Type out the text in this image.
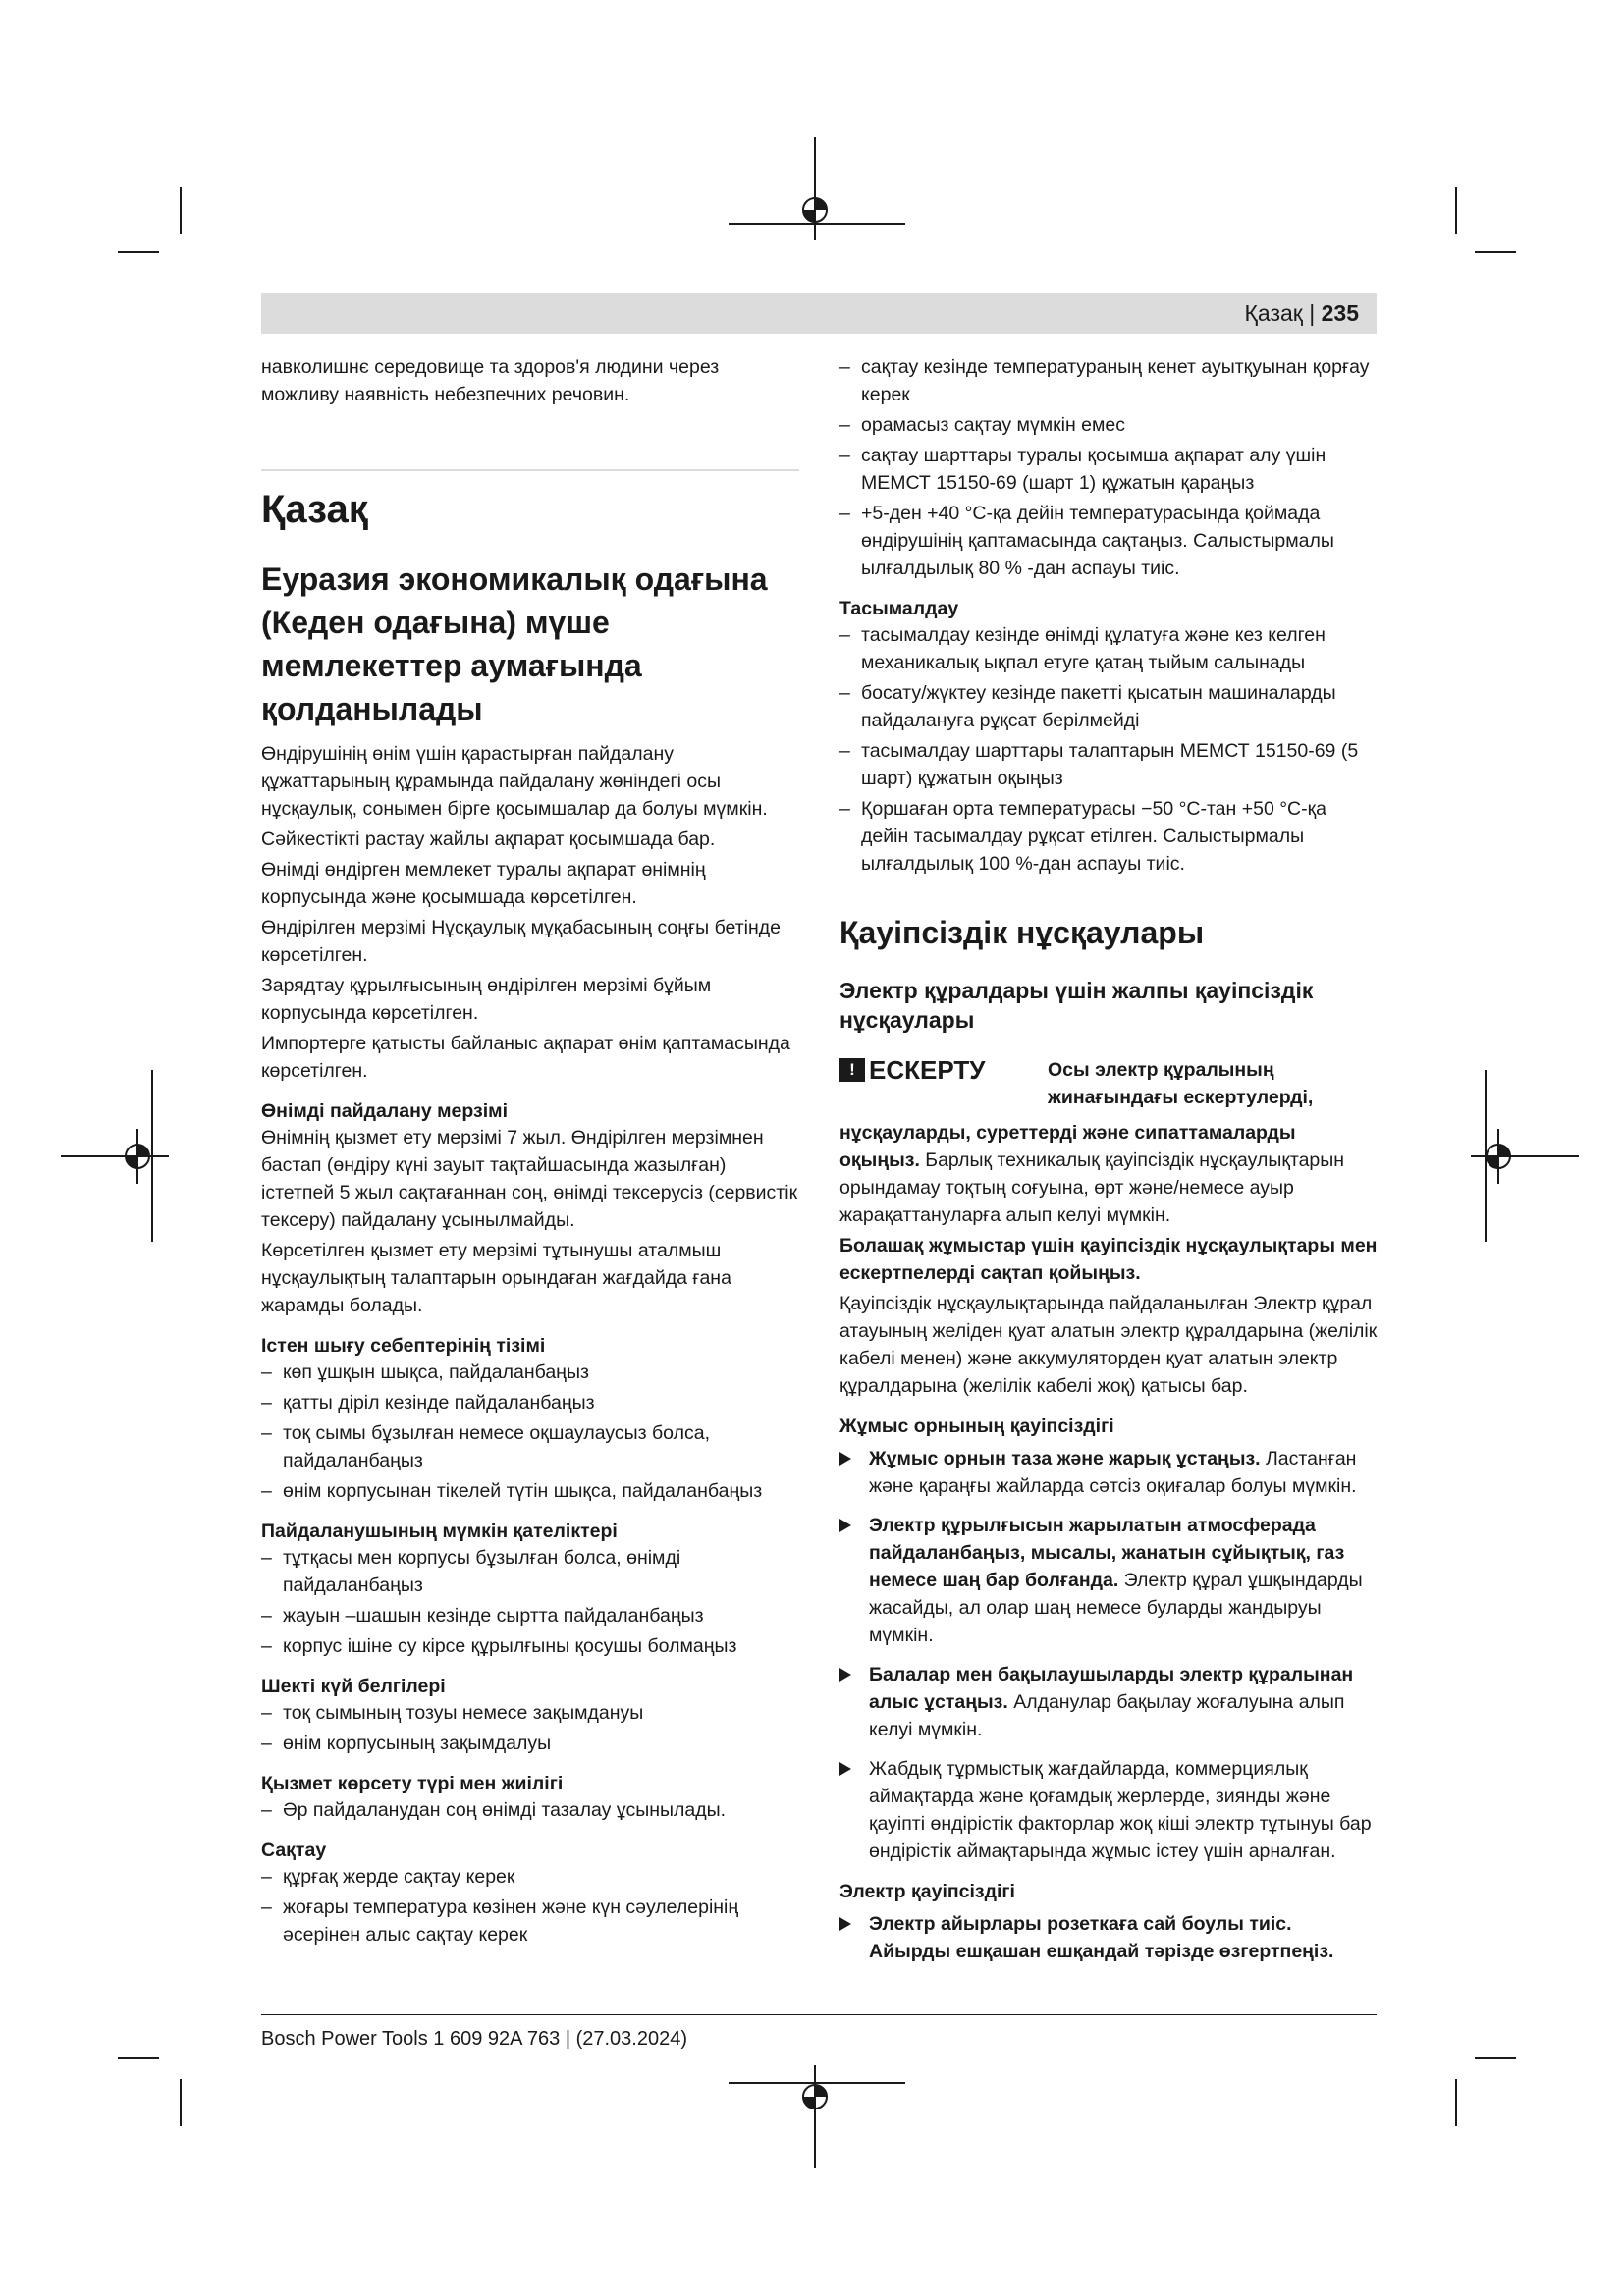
Қазақ | 235
навколишнє середовище та здоров'я людини через
можливу наявність небезпечних речовин.
Қазақ
Еуразия экономикалық одағына (Кеден одағына) мүше мемлекеттер аумағында қолданылады

Өндірушінің өнім үшін қарастырған пайдалану құжаттарының құрамында пайдалану жөніндегі осы нұсқаулық, сонымен бірге қосымшалар да болуы мүмкін.

Сәйкестікті растау жайлы ақпарат қосымшада бар.

Өнімді өндірген мемлекет туралы ақпарат өнімнің корпусында және қосымшада көрсетілген.

Өндірілген мерзімі Нұсқаулық мұқабасының соңғы бетінде көрсетілген.

Зарядтау құрылғысының өндірілген мерзімі бұйым корпусында көрсетілген.

Импортерге қатысты байланыс ақпарат өнім қаптамасында көрсетілген.

Өнімді пайдалану мерзімі

Өнімнің қызмет ету мерзімі 7 жыл. Өндірілген мерзімнен бастап (өндіру күні зауыт тақтайшасында жазылған) істетпей 5 жыл сақтағаннан соң, өнімді тексерусіз (сервистік тексеру) пайдалану ұсынылмайды.

Көрсетілген қызмет ету мерзімі тұтынушы аталмыш нұсқаулықтың талаптарын орындаған жағдайда ғана жарамды болады.

Істен шығу себептерінің тізімі
– көп ұшқын шықса, пайдаланбаңыз
– қатты діріл кезінде пайдаланбаңыз
– тоқ сымы бұзылған немесе оқшаулаусыз болса, пайдаланбаңыз
– өнім корпусынан тікелей түтін шықса, пайдаланбаңыз
Пайдаланушының мүмкін қателіктері
– тұтқасы мен корпусы бұзылған болса, өнімді пайдаланбаңыз
– жауын –шашын кезінде сыртта пайдаланбаңыз
– корпус ішіне су кірсе құрылғыны қосушы болмаңыз
Шекті күй белгілері
– тоқ сымының тозуы немесе зақымдануы
– өнім корпусының зақымдалуы
Қызмет көрсету түрі мен жиілігі
– Әр пайдаланудан соң өнімді тазалау ұсынылады.
Сақтау
– құрғақ жерде сақтау керек
– жоғары температура көзінен және күн сәулелерінің әсерінен алыс сақтау керек
– сақтау кезінде температураның кенет ауытқуынан қорғау керек
– орамасыз сақтау мүмкін емес
– сақтау шарттары туралы қосымша ақпарат алу үшін МЕМСТ 15150-69 (шарт 1) құжатын қараңыз
– +5-ден +40 °C-қа дейін температурасында қоймада өндірушінің қаптамасында сақтаңыз. Салыстырмалы ылғалдылық 80 % -дан аспауы тиіс.
Тасымалдау
– тасымалдау кезінде өнімді құлатуға және кез келген механикалық ықпал етуге қатаң тыйым салынады
– босату/жүктеу кезінде пакетті қысатын машиналарды пайдалануға рұқсат берілмейді
– тасымалдау шарттары талаптарын МЕМСТ 15150-69 (5 шарт) құжатын оқыңыз
– Қоршаған орта температурасы −50 °C-тан +50 °C-қа дейін тасымалдау рұқсат етілген. Салыстырмалы ылғалдылық 100 %-дан аспауы тиіс.
Қауіпсіздік нұсқаулары
Электр құралдары үшін жалпы қауіпсіздік нұсқаулары
! ЕСКЕРТУ	Осы электр құралының жинағындағы ескертулерді,

нұсқауларды, суреттерді және сипаттамаларды оқыңыз. Барлық техникалық қауіпсіздік нұсқаулықтарын орындамау тоқтың соғуына, өрт және/немесе ауыр жарақаттануларға алып келуі мүмкін.

Болашақ жұмыстар үшін қауіпсіздік нұсқаулықтары мен ескертпелерді сақтап қойыңыз.

Қауіпсіздік нұсқаулықтарында пайдаланылған Электр құрал атауының желіден қуат алатын электр құралдарына (желілік кабелі менен) және аккумуляторден қуат алатын электр құралдарына (желілік кабелі жоқ) қатысы бар.

Жұмыс орнының қауіпсіздігі
Жұмыс орнын таза және жарық ұстаңыз. Ластанған және қараңғы жайларда сәтсіз оқиғалар болуы мүмкін.
Электр құрылғысын жарылатын атмосферада пайдаланбаңыз, мысалы, жанатын сұйықтық, газ немесе шаң бар болғанда. Электр құрал ұшқындарды жасайды, ал олар шаң немесе буларды жандыруы мүмкін.
Балалар мен бақылаушыларды электр құралынан алыс ұстаңыз. Алданулар бақылау жоғалуына алып келуі мүмкін.
Жабдық тұрмыстық жағдайларда, коммерциялық аймақтарда және қоғамдық жерлерде, зиянды және қауіпті өндірістік факторлар жоқ кіші электр тұтынуы бар өндірістік аймақтарында жұмыс істеу үшін арналған.
Электр қауіпсіздігі
Электр айырлары розеткаға сай боулы тиіс. Айырды ешқашан ешқандай тәрізде өзгертпеңіз.
Bosch Power Tools 1 609 92A 763 | (27.03.2024)
